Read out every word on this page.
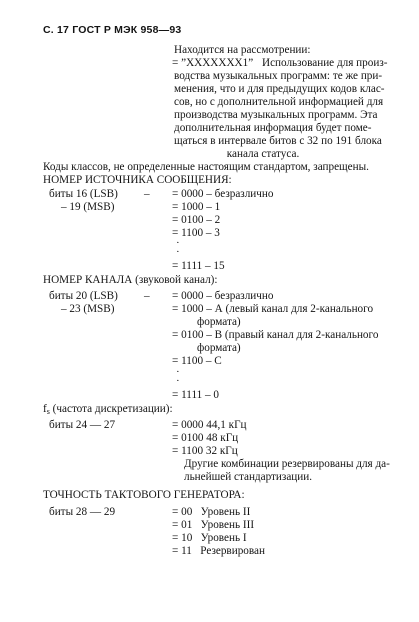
С. 17 ГОСТ Р МЭК 958—93
Находится на рассмотрении:
= ”XXXXXXX1” Использование для произ-
водства музыкальных программ: те же при-
менения, что и для предыдущих кодов клас-
сов, но с дополнительной информацией для
производства музыкальных программ. Эта
дополнительная информация будет поме-
щаться в интервале битов с 32 по 191 блока
канала статуса.
Коды классов, не определенные настоящим стандартом, запрещены.
НОМЕР ИСТОЧНИКА СООБЩЕНИЯ:
биты 16 (LSB) –
– 19 (MSB)
= 0000 – безразлично
= 1000 – 1
= 0100 – 2
= 1100 – 3
·
·
= 1111 – 15
НОМЕР КАНАЛА (звуковой канал):
биты 20 (LSB) –
– 23 (MSB)
= 0000 – безразлично
= 1000 – А (левый канал для 2-канального
формата)
= 0100 – В (правый канал для 2-канального
формата)
= 1100 – С
·
·
= 1111 – 0
$f_s$ (частота дискретизации):
биты 24 — 27	= 0000 44,1 кГц
= 0100 48 кГц
= 1100 32 кГц
Другие комбинации резервированы для да-
льнейшей стандартизации.
ТОЧНОСТЬ ТАКТОВОГО ГЕНЕРАТОРА:
биты 28 — 29	= 00   Уровень II
= 01   Уровень III
= 10   Уровень I
= 11   Резервирован
